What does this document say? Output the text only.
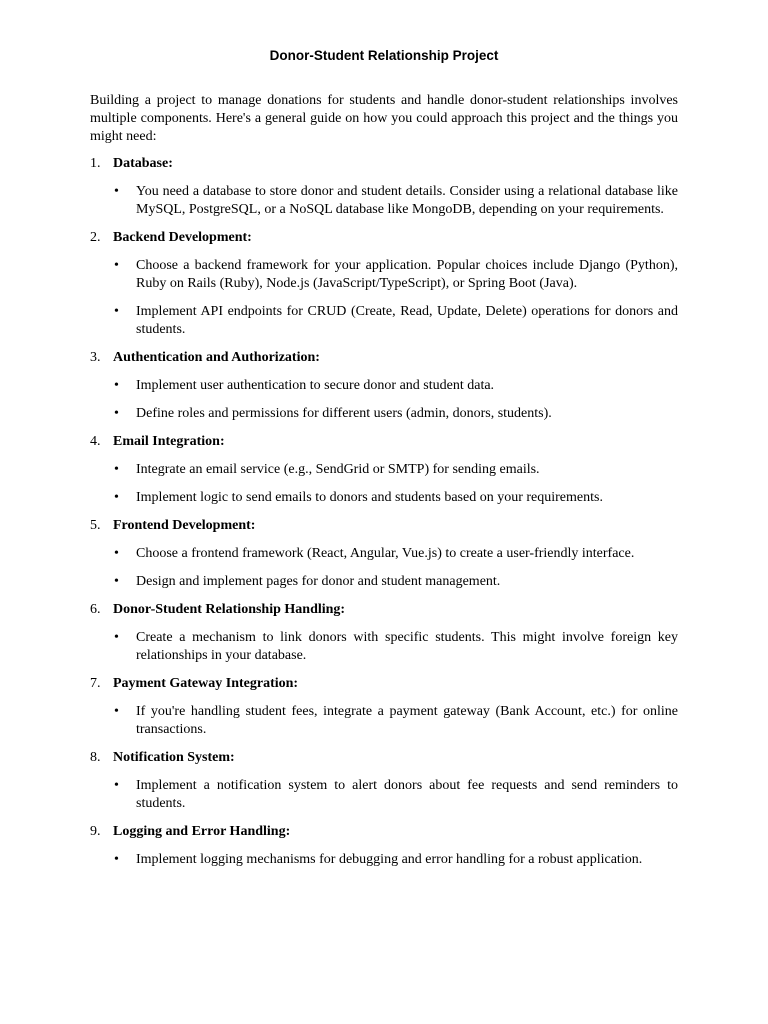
Donor-Student Relationship Project

Building a project to manage donations for students and handle donor-student relationships involves multiple components. Here's a general guide on how you could approach this project and the things you might need:

1. Database:
• You need a database to store donor and student details. Consider using a relational database like MySQL, PostgreSQL, or a NoSQL database like MongoDB, depending on your requirements.
2. Backend Development:
• Choose a backend framework for your application. Popular choices include Django (Python), Ruby on Rails (Ruby), Node.js (JavaScript/TypeScript), or Spring Boot (Java).
• Implement API endpoints for CRUD (Create, Read, Update, Delete) operations for donors and students.
3. Authentication and Authorization:
• Implement user authentication to secure donor and student data.
• Define roles and permissions for different users (admin, donors, students).
4. Email Integration:
• Integrate an email service (e.g., SendGrid or SMTP) for sending emails.
• Implement logic to send emails to donors and students based on your requirements.
5. Frontend Development:
• Choose a frontend framework (React, Angular, Vue.js) to create a user-friendly interface.
• Design and implement pages for donor and student management.
6. Donor-Student Relationship Handling:
• Create a mechanism to link donors with specific students. This might involve foreign key relationships in your database.
7. Payment Gateway Integration:
• If you're handling student fees, integrate a payment gateway (Bank Account, etc.) for online transactions.
8. Notification System:
• Implement a notification system to alert donors about fee requests and send reminders to students.
9. Logging and Error Handling:
• Implement logging mechanisms for debugging and error handling for a robust application.
